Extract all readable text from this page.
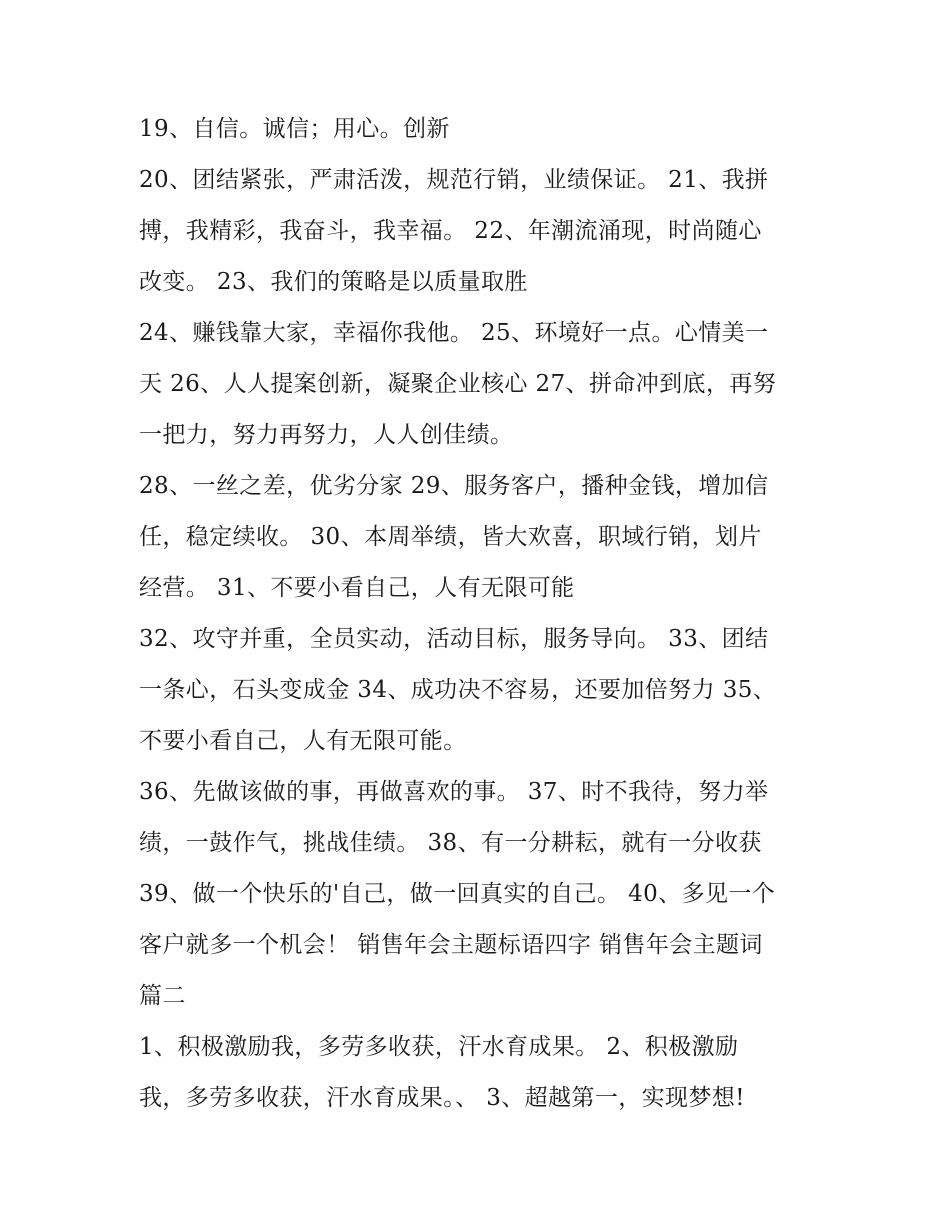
19、自信。诚信；用心。创新
20、团结紧张，严肃活泼，规范行销，业绩保证。 21、我拼
搏，我精彩，我奋斗，我幸福。 22、年潮流涌现，时尚随心
改变。 23、我们的策略是以质量取胜
24、赚钱靠大家，幸福你我他。 25、环境好一点。心情美一
天 26、人人提案创新，凝聚企业核心 27、拼命冲到底，再努
一把力，努力再努力，人人创佳绩。
28、一丝之差，优劣分家 29、服务客户，播种金钱，增加信
任，稳定续收。 30、本周举绩，皆大欢喜，职域行销，划片
经营。 31、不要小看自己，人有无限可能
32、攻守并重，全员实动，活动目标，服务导向。 33、团结
一条心，石头变成金 34、成功决不容易，还要加倍努力 35、
不要小看自己，人有无限可能。
36、先做该做的事，再做喜欢的事。 37、时不我待，努力举
绩，一鼓作气，挑战佳绩。 38、有一分耕耘，就有一分收获
39、做一个快乐的'自己，做一回真实的自己。 40、多见一个
客户就多一个机会！ 销售年会主题标语四字 销售年会主题词
篇二
1、积极激励我，多劳多收获，汗水育成果。 2、积极激励
我，多劳多收获，汗水育成果。、 3、超越第一，实现梦想!
